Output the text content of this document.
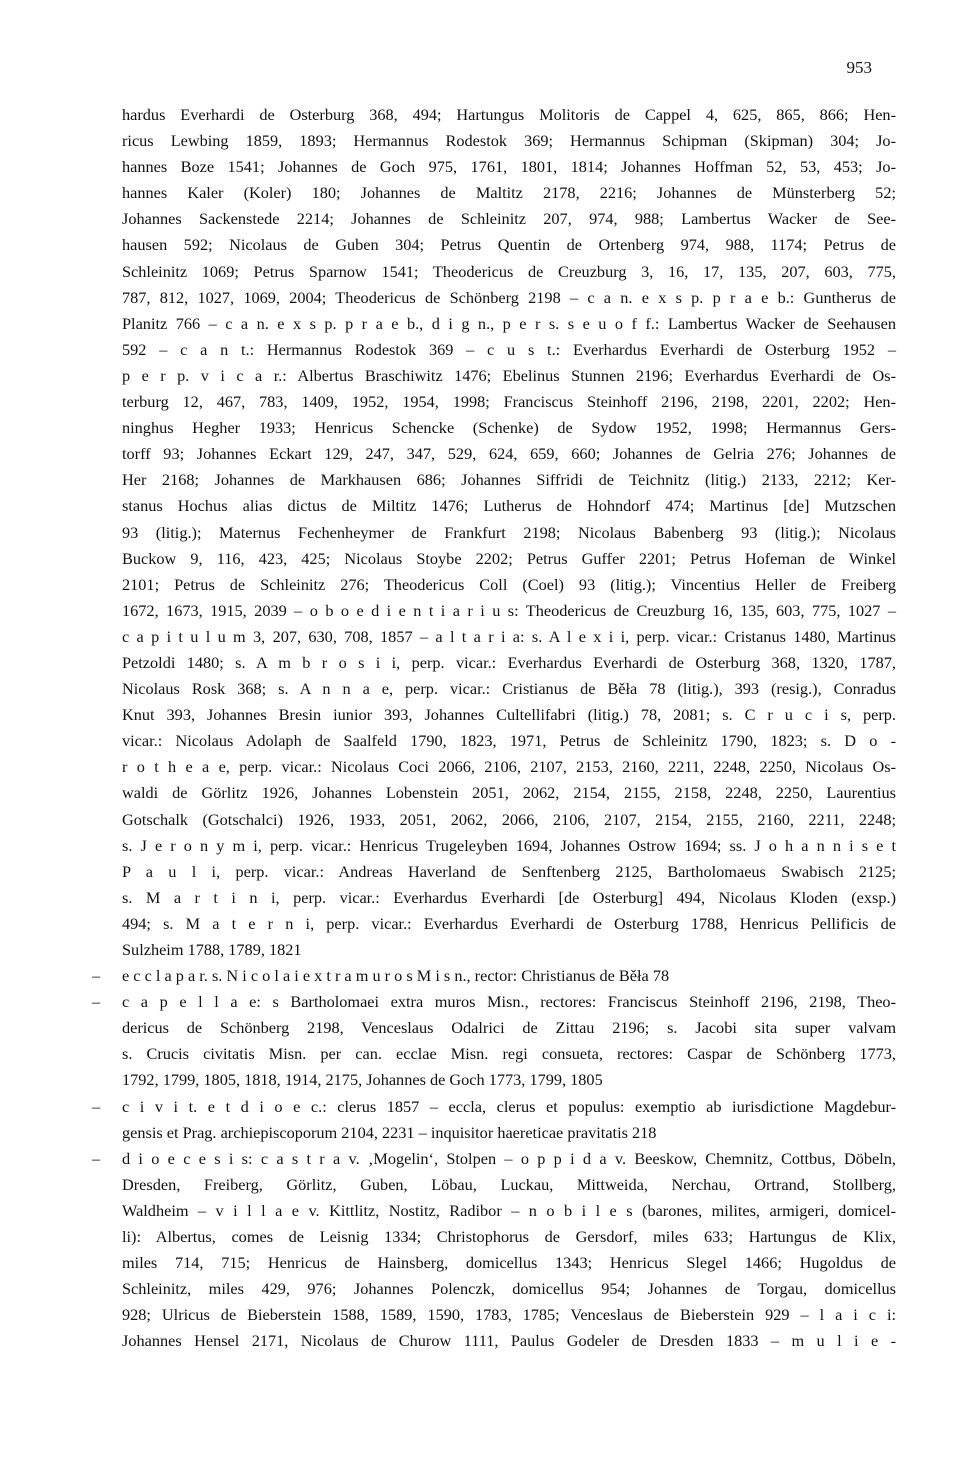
953

hardus Everhardi de Osterburg 368, 494; Hartungus Molitoris de Cappel 4, 625, 865, 866; Hen-
ricus Lewbing 1859, 1893; Hermannus Rodestok 369; Hermannus Schipman (Skipman) 304; Jo-
hannes Boze 1541; Johannes de Goch 975, 1761, 1801, 1814; Johannes Hoffman 52, 53, 453; Jo-
hannes Kaler (Koler) 180; Johannes de Maltitz 2178, 2216; Johannes de Münsterberg 52;
Johannes Sackenstede 2214; Johannes de Schleinitz 207, 974, 988; Lambertus Wacker de See-
hausen 592; Nicolaus de Guben 304; Petrus Quentin de Ortenberg 974, 988, 1174; Petrus de
Schleinitz 1069; Petrus Sparnow 1541; Theodericus de Creuzburg 3, 16, 17, 135, 207, 603, 775,
787, 812, 1027, 1069, 2004; Theodericus de Schönberg 2198 – c a n. e x s p. p r a e b.: Guntherus de
Planitz 766 – c a n. e x s p. p r a e b., d i g n., p e r s. s e u o f f.: Lambertus Wacker de Seehausen
592 – c a n t.: Hermannus Rodestok 369 – c u s t.: Everhardus Everhardi de Osterburg 1952 –
p e r p. v i c a r.: Albertus Braschiwitz 1476; Ebelinus Stunnen 2196; Everhardus Everhardi de Os-
terburg 12, 467, 783, 1409, 1952, 1954, 1998; Franciscus Steinhoff 2196, 2198, 2201, 2202; Hen-
ninghus Hegher 1933; Henricus Schencke (Schenke) de Sydow 1952, 1998; Hermannus Gers-
torff 93; Johannes Eckart 129, 247, 347, 529, 624, 659, 660; Johannes de Gelria 276; Johannes de
Her 2168; Johannes de Markhausen 686; Johannes Siffridi de Teichnitz (litig.) 2133, 2212; Ker-
stanus Hochus alias dictus de Miltitz 1476; Lutherus de Hohndorf 474; Martinus [de] Mutzschen
93 (litig.); Maternus Fechenheymer de Frankfurt 2198; Nicolaus Babenberg 93 (litig.); Nicolaus
Buckow 9, 116, 423, 425; Nicolaus Stoybe 2202; Petrus Guffer 2201; Petrus Hofeman de Winkel
2101; Petrus de Schleinitz 276; Theodericus Coll (Coel) 93 (litig.); Vincentius Heller de Freiberg
1672, 1673, 1915, 2039 – o b o e d i e n t i a r i u s: Theodericus de Creuzburg 16, 135, 603, 775, 1027 –
c a p i t u l u m 3, 207, 630, 708, 1857 – a l t a r i a: s. A l e x i i, perp. vicar.: Cristanus 1480, Martinus
Petzoldi 1480; s. A m b r o s i i, perp. vicar.: Everhardus Everhardi de Osterburg 368, 1320, 1787,
Nicolaus Rosk 368; s. A n n a e, perp. vicar.: Cristianus de Běła 78 (litig.), 393 (resig.), Conradus
Knut 393, Johannes Bresin iunior 393, Johannes Cultellifabri (litig.) 78, 2081; s. C r u c i s, perp.
vicar.: Nicolaus Adolaph de Saalfeld 1790, 1823, 1971, Petrus de Schleinitz 1790, 1823; s. D o -
r o t h e a e, perp. vicar.: Nicolaus Coci 2066, 2106, 2107, 2153, 2160, 2211, 2248, 2250, Nicolaus Os-
waldi de Görlitz 1926, Johannes Lobenstein 2051, 2062, 2154, 2155, 2158, 2248, 2250, Laurentius
Gotschalk (Gotschalci) 1926, 1933, 2051, 2062, 2066, 2106, 2107, 2154, 2155, 2160, 2211, 2248;
s. J e r o n y m i, perp. vicar.: Henricus Trugeleyben 1694, Johannes Ostrow 1694; ss. J o h a n n i s e t
P a u l i, perp. vicar.: Andreas Haverland de Senftenberg 2125, Bartholomaeus Swabisch 2125;
s. M a r t i n i, perp. vicar.: Everhardus Everhardi [de Osterburg] 494, Nicolaus Kloden (exsp.)
494; s. M a t e r n i, perp. vicar.: Everhardus Everhardi de Osterburg 1788, Henricus Pellificis de
Sulzheim 1788, 1789, 1821

– e c c l a p a r. s. N i c o l a i e x t r a m u r o s M i s n., rector: Christianus de Běła 78
– c a p e l l a e: s Bartholomaei extra muros Misn., rectores: Franciscus Steinhoff 2196, 2198, Theo-
dericus de Schönberg 2198, Venceslaus Odalrici de Zittau 2196; s. Jacobi sita super valvam
s. Crucis civitatis Misn. per can. ecclae Misn. regi consueta, rectores: Caspar de Schönberg 1773,
1792, 1799, 1805, 1818, 1914, 2175, Johannes de Goch 1773, 1799, 1805
– c i v i t. e t d i o e c.: clerus 1857 – eccla, clerus et populus: exemptio ab iurisdictione Magdebur-
gensis et Prag. archiepiscoporum 2104, 2231 – inquisitor haereticae pravitatis 218
– d i o e c e s i s: c a s t r a v. ‚Mogelin‘, Stolpen – o p p i d a v. Beeskow, Chemnitz, Cottbus, Döbeln,
Dresden, Freiberg, Görlitz, Guben, Löbau, Luckau, Mittweida, Nerchau, Ortrand, Stollberg,
Waldheim – v i l l a e v. Kittlitz, Nostitz, Radibor – n o b i l e s (barones, milites, armigeri, domicel-
li): Albertus, comes de Leisnig 1334; Christophorus de Gersdorf, miles 633; Hartungus de Klix,
miles 714, 715; Henricus de Hainsberg, domicellus 1343; Henricus Slegel 1466; Hugoldus de
Schleinitz, miles 429, 976; Johannes Polenczk, domicellus 954; Johannes de Torgau, domicellus
928; Ulricus de Bieberstein 1588, 1589, 1590, 1783, 1785; Venceslaus de Bieberstein 929 – l a i c i:
Johannes Hensel 2171, Nicolaus de Churow 1111, Paulus Godeler de Dresden 1833 – m u l i e -
